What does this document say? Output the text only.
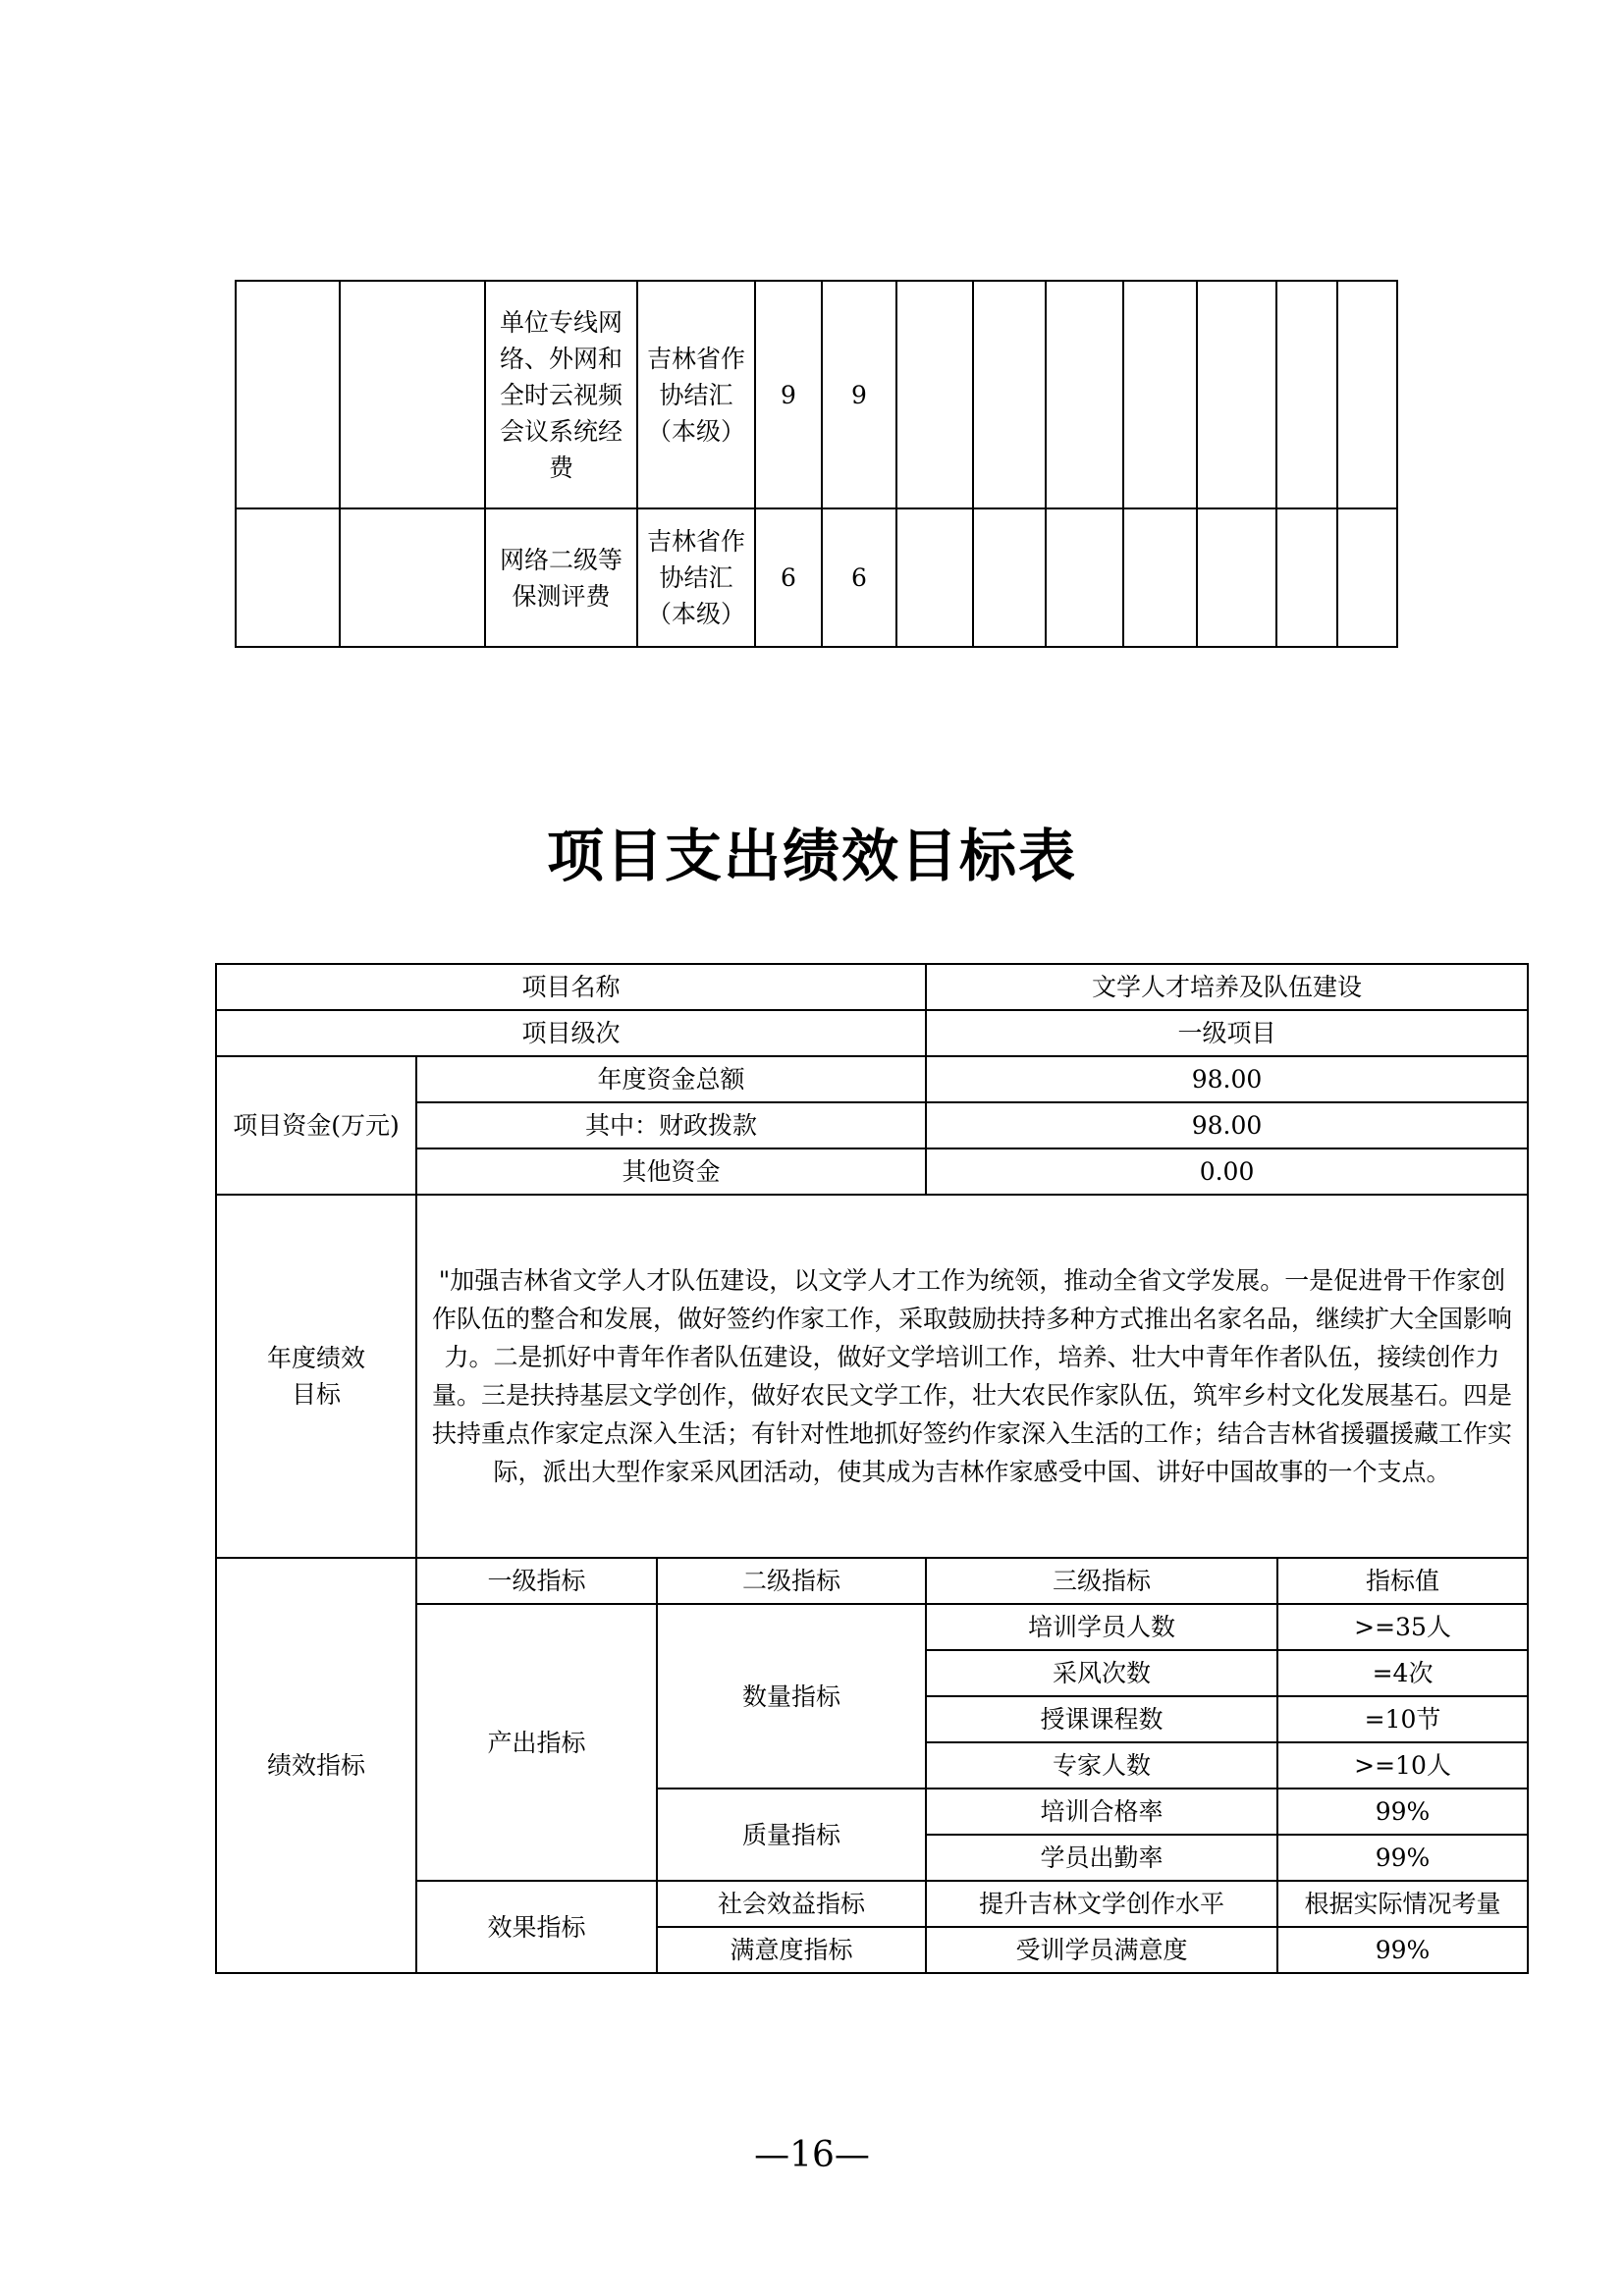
		单位专线网络、外网和全时云视频会议系统经费	吉林省作协结汇（本级）	9	9							
		网络二级等保测评费	吉林省作协结汇（本级）	6	6							
项目支出绩效目标表
项目名称			文学人才培养及队伍建设	
项目级次			一级项目	
项目资金(万元)	年度资金总额		98.00	
	其中：财政拨款		98.00	
	其他资金		0.00	
年度绩效目标	"加强吉林省文学人才队伍建设，以文学人才工作为统领，推动全省文学发展。一是促进骨干作家创作队伍的整合和发展，做好签约作家工作，采取鼓励扶持多种方式推出名家名品，继续扩大全国影响力。二是抓好中青年作者队伍建设，做好文学培训工作，培养、壮大中青年作者队伍，接续创作力量。三是扶持基层文学创作，做好农民文学工作，壮大农民作家队伍，筑牢乡村文化发展基石。四是扶持重点作家定点深入生活；有针对性地抓好签约作家深入生活的工作；结合吉林省援疆援藏工作实际，派出大型作家采风团活动，使其成为吉林作家感受中国、讲好中国故事的一个支点。			
绩效指标	一级指标	二级指标	三级指标	指标值
	产出指标	数量指标	培训学员人数	>=35人
			采风次数	=4次
			授课课程数	=10节
			专家人数	>=10人
		质量指标	培训合格率	99%
			学员出勤率	99%
	效果指标	社会效益指标	提升吉林文学创作水平	根据实际情况考量
		满意度指标	受训学员满意度	99%
—16—
